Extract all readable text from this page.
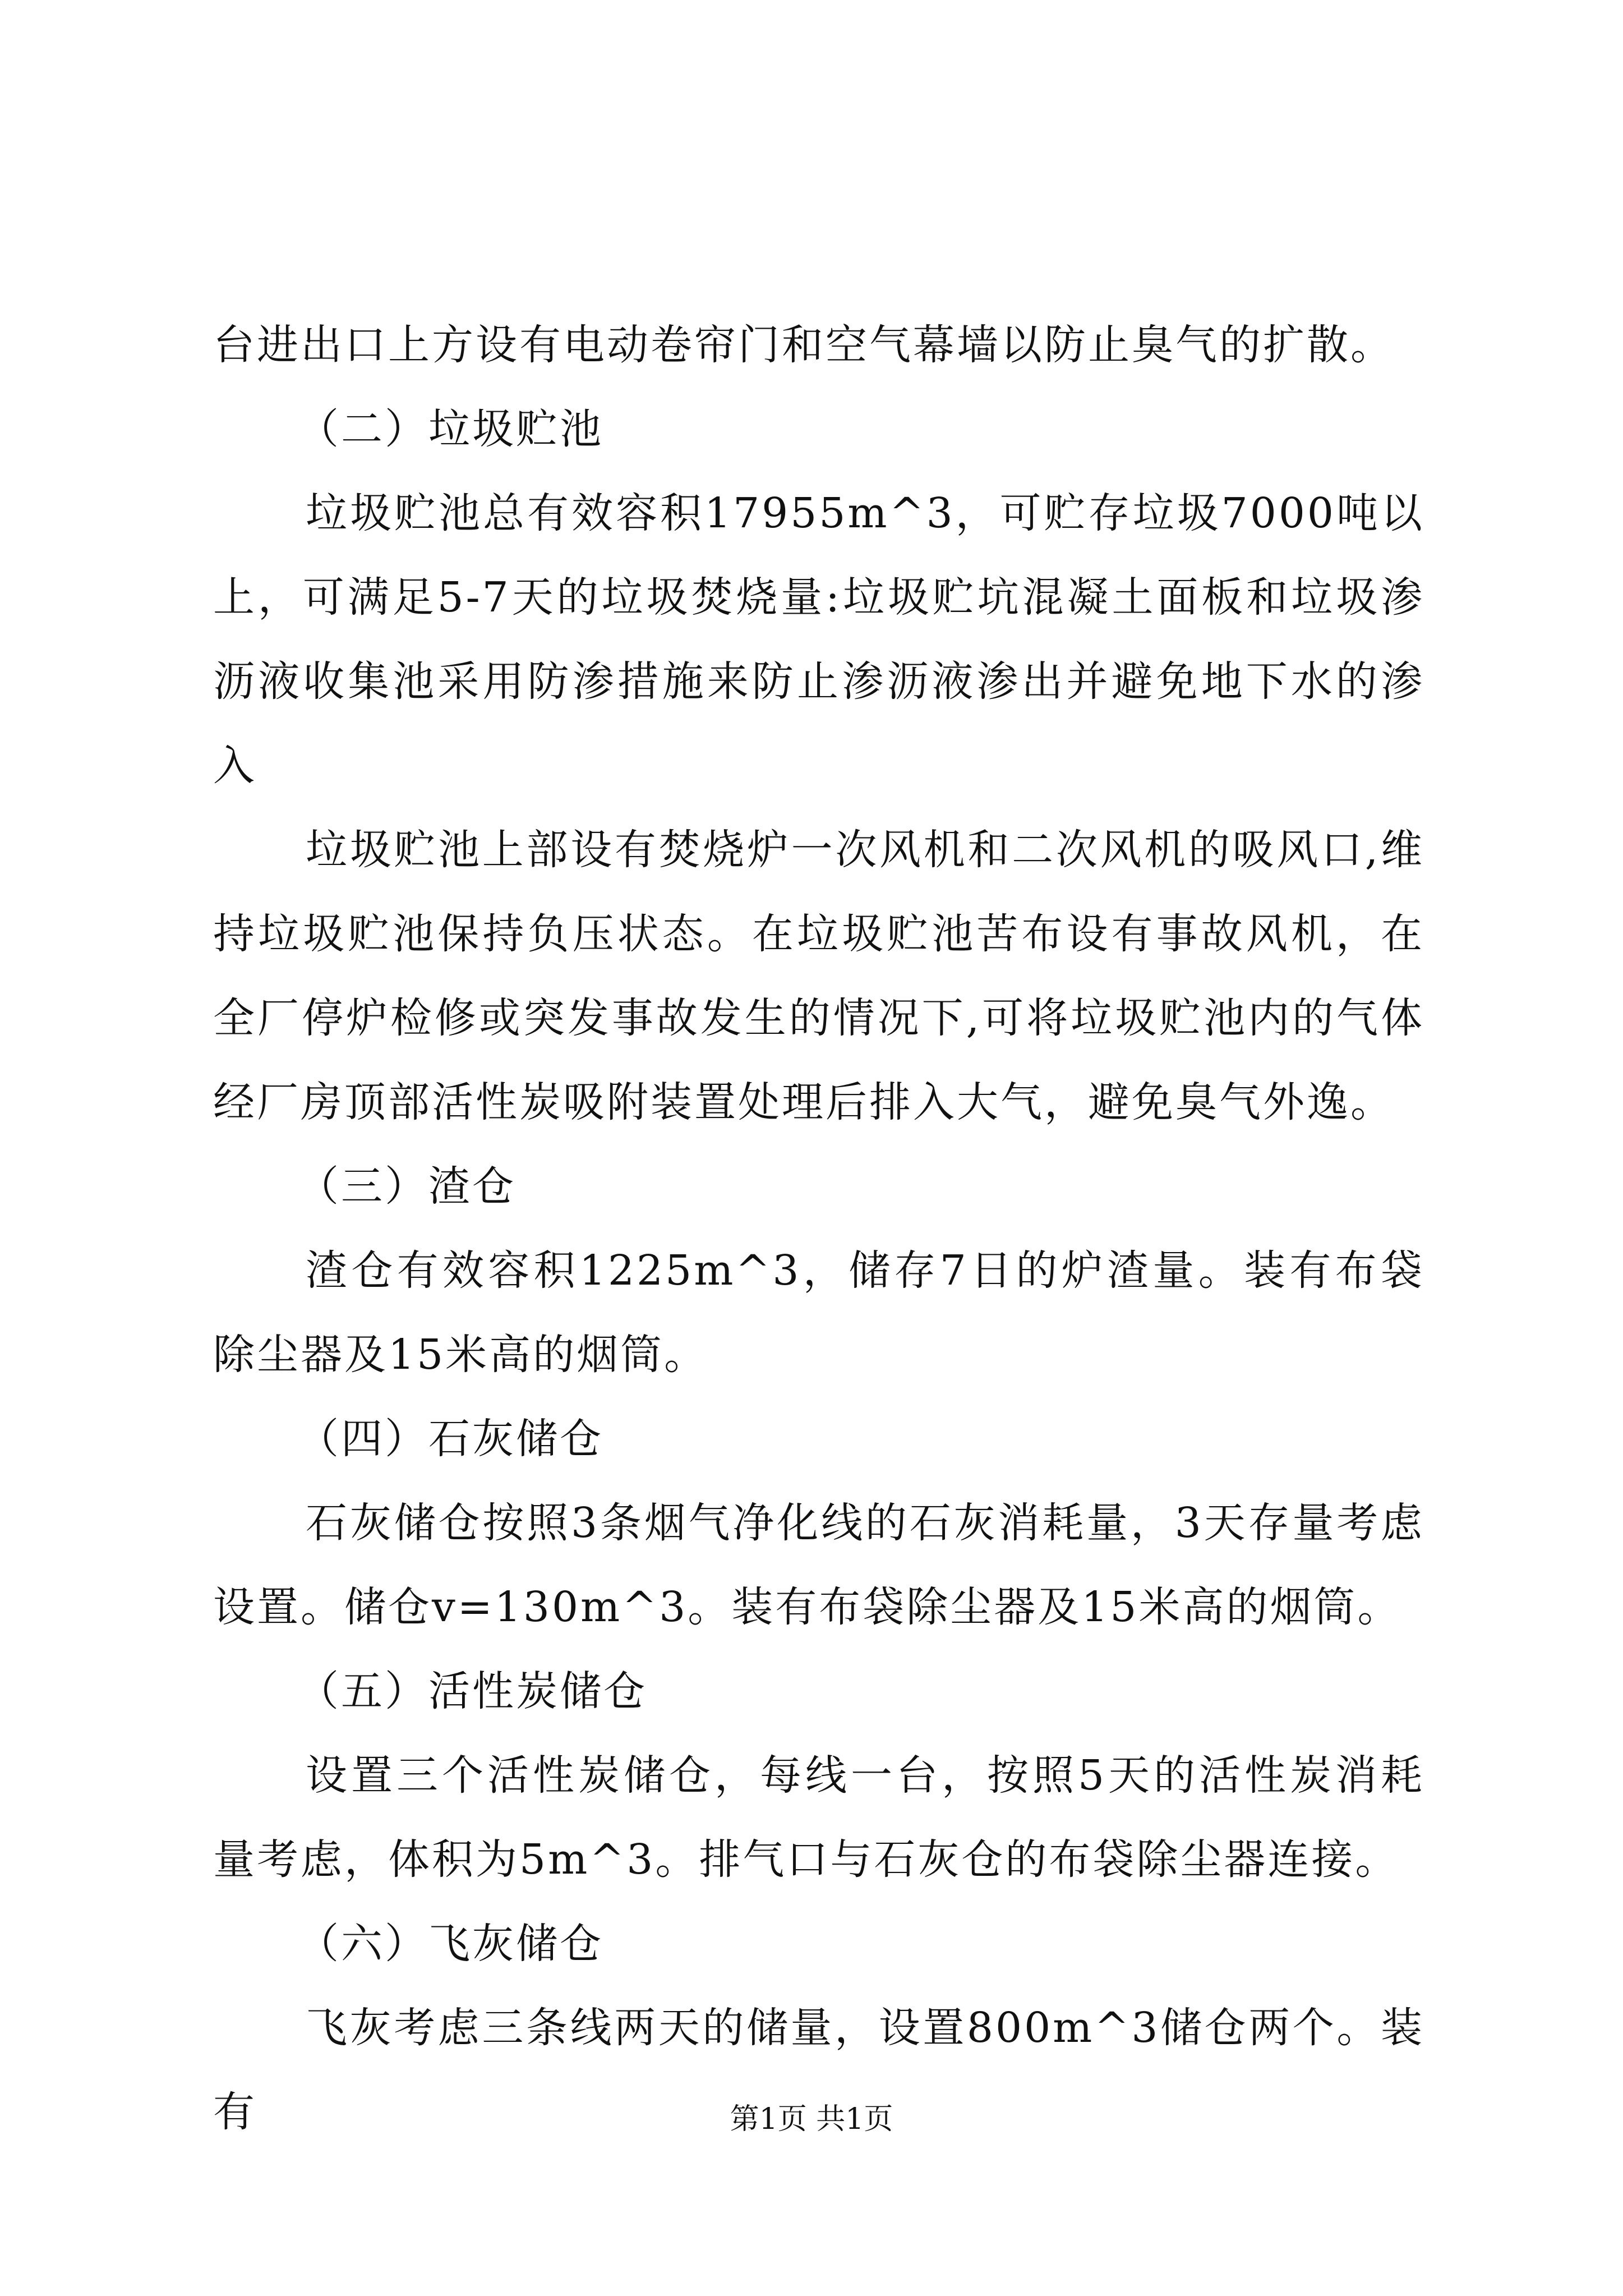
台进出口上方设有电动卷帘门和空气幕墙以防止臭气的扩散。

（二）垃圾贮池

垃圾贮池总有效容积17955m^3，可贮存垃圾7000吨以上，可满足5-7天的垃圾焚烧量:垃圾贮坑混凝土面板和垃圾渗沥液收集池采用防渗措施来防止渗沥液渗出并避免地下水的渗入

垃圾贮池上部设有焚烧炉一次风机和二次风机的吸风口,维持垃圾贮池保持负压状态。在垃圾贮池苦布设有事故风机，在全厂停炉检修或突发事故发生的情况下,可将垃圾贮池内的气体经厂房顶部活性炭吸附装置处理后排入大气，避免臭气外逸。

（三）渣仓

渣仓有效容积1225m^3，储存7日的炉渣量。装有布袋除尘器及15米高的烟筒。

（四）石灰储仓

石灰储仓按照3条烟气净化线的石灰消耗量，3天存量考虑设置。储仓v=130m^3。装有布袋除尘器及15米高的烟筒。

（五）活性炭储仓

设置三个活性炭储仓，每线一台，按照5天的活性炭消耗量考虑，体积为5m^3。排气口与石灰仓的布袋除尘器连接。

（六）飞灰储仓

飞灰考虑三条线两天的储量，设置800m^3储仓两个。装有	第1页 共1页
